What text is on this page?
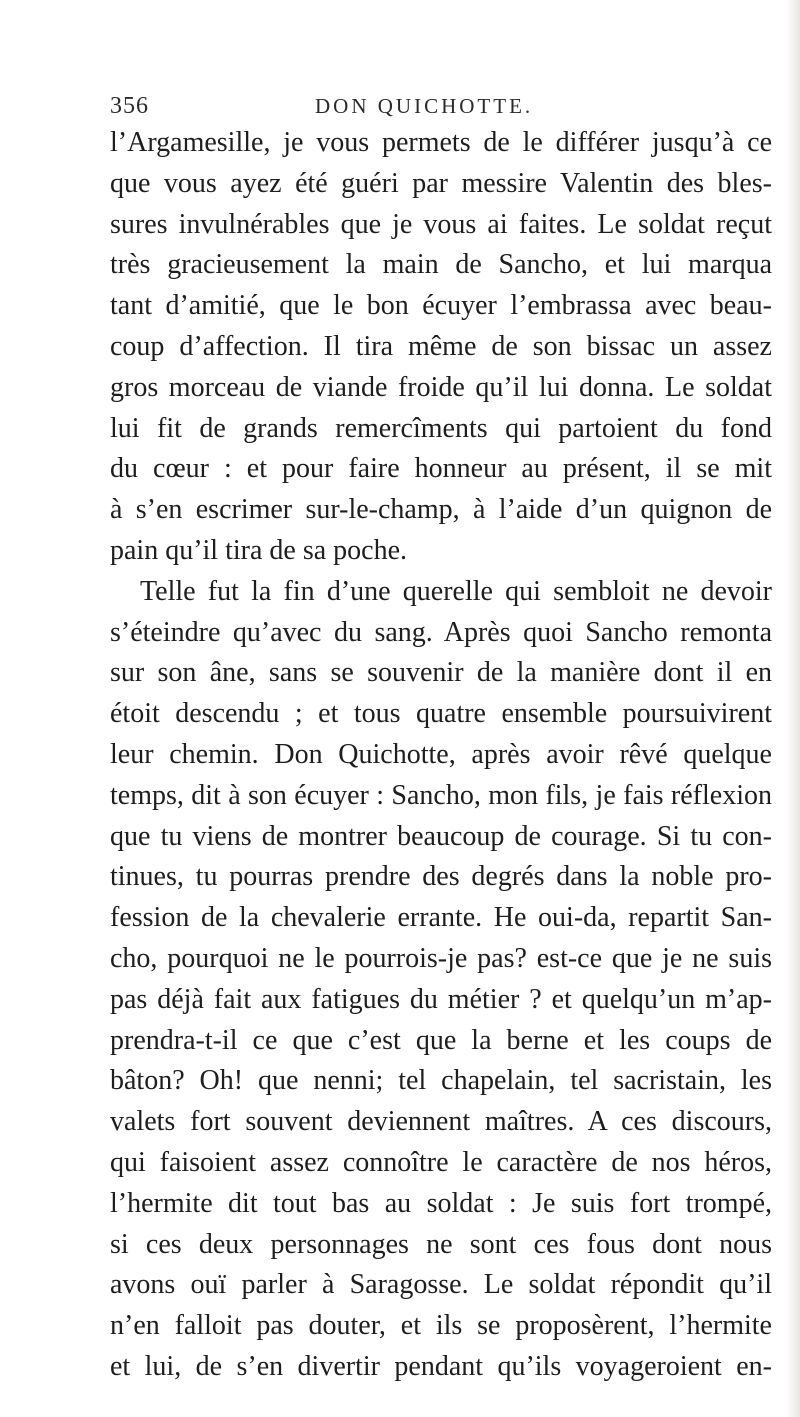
356	DON QUICHOTTE.
l’Argamesille, je vous permets de le différer jusqu’à ce
que vous ayez été guéri par messire Valentin des bles-
sures invulnérables que je vous ai faites. Le soldat reçut
très gracieusement la main de Sancho, et lui marqua
tant d’amitié, que le bon écuyer l’embrassa avec beau-
coup d’affection. Il tira même de son bissac un assez
gros morceau de viande froide qu’il lui donna. Le soldat
lui fit de grands remercîments qui partoient du fond
du cœur : et pour faire honneur au présent, il se mit
à s’en escrimer sur-le-champ, à l’aide d’un quignon de
pain qu’il tira de sa poche.
Telle fut la fin d’une querelle qui sembloit ne devoir
s’éteindre qu’avec du sang. Après quoi Sancho remonta
sur son âne, sans se souvenir de la manière dont il en
étoit descendu ; et tous quatre ensemble poursuivirent
leur chemin. Don Quichotte, après avoir rêvé quelque
temps, dit à son écuyer : Sancho, mon fils, je fais réflexion
que tu viens de montrer beaucoup de courage. Si tu con-
tinues, tu pourras prendre des degrés dans la noble pro-
fession de la chevalerie errante. He oui-da, repartit San-
cho, pourquoi ne le pourrois-je pas? est-ce que je ne suis
pas déjà fait aux fatigues du métier ? et quelqu’un m’ap-
prendra-t-il ce que c’est que la berne et les coups de
bâton? Oh! que nenni; tel chapelain, tel sacristain, les
valets fort souvent deviennent maîtres. A ces discours,
qui faisoient assez connoître le caractère de nos héros,
l’hermite dit tout bas au soldat : Je suis fort trompé,
si ces deux personnages ne sont ces fous dont nous
avons ouï parler à Saragosse. Le soldat répondit qu’il
n’en falloit pas douter, et ils se proposèrent, l’hermite
et lui, de s’en divertir pendant qu’ils voyageroient en-
